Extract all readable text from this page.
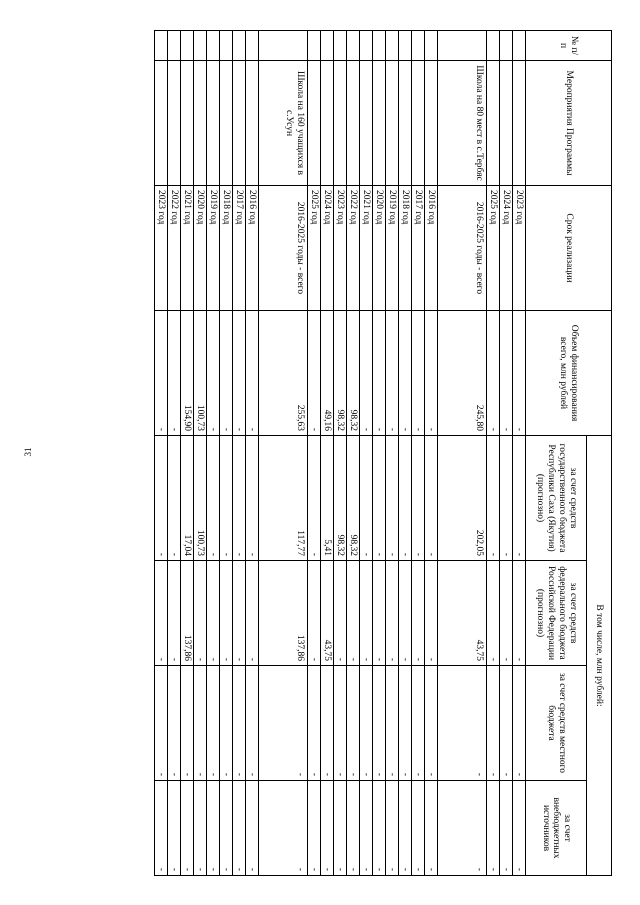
31
№ п/п	Мероприятия Программы	Срок реализации	Объем финансирования всего, млн рублей	В том числе, млн рублей:			
				за счет средств государственного бюджета Республики Саха (Якутия) (прогнозно)	за счет средств федерального бюджета Российской Федерации (прогнозно)	за счет средств местного бюджета	за счет внебюджетных источников
		2023 год	-	-	-	-	-
		2024 год	-	-	-	-	-
		2025 год	-	-	-	-	-
	Школа на 80 мест в с.Тербяс	2016-2025 годы - всего	245,80	202,05	43,75	-	-
		2016 год	-	-	-	-	-
		2017 год	-	-	-	-	-
		2018 год	-	-	-	-	-
		2019 год	-	-	-	-	-
		2020 год	-	-	-	-	-
		2021 год	-	-	-	-	-
		2022 год	98,32	98,32	-	-	-
		2023 год	98,32	98,32	-	-	-
		2024 год	49,16	5,41	43,75	-	-
		2025 год	-	-	-	-	-
	Школа на 160 учащихся в с.Усун	2016-2025 годы - всего	255,63	117,77	137,86	-	-
		2016 год	-	-	-	-	-
		2017 год	-	-	-	-	-
		2018 год	-	-	-	-	-
		2019 год	-	-	-	-	-
		2020 год	100,73	100,73	-	-	-
		2021 год	154,90	17,04	137,86	-	-
		2022 год	-	-	-	-	-
		2023 год	-	-	-	-	-
